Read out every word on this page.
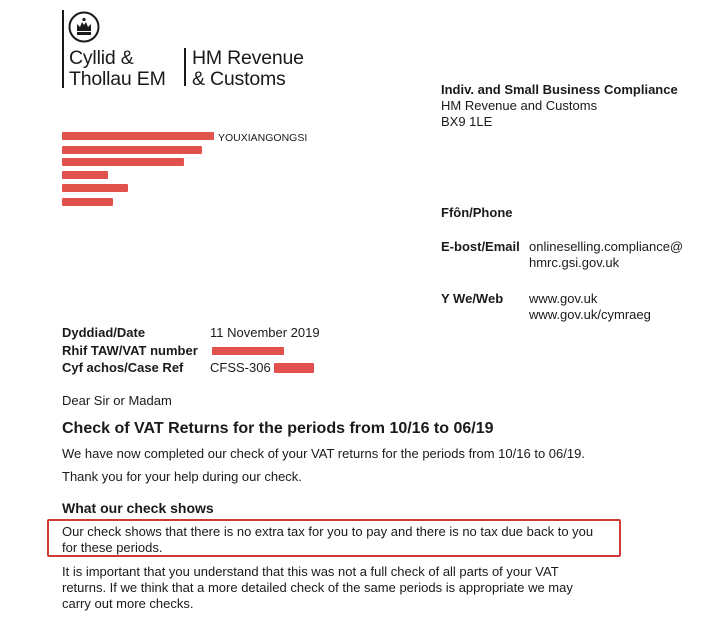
Cyllid &
Thollau EM
HM Revenue
& Customs	Indiv. and Small Business Compliance
HM Revenue and Customs
BX9 1LE
YOUXIANGONGSI
Ffôn/Phone
E-bost/Email onlineselling.compliance@
hmrc.gsi.gov.uk
Y We/Web www.gov.uk
www.gov.uk/cymraeg
Dyddiad/Date	11 November 2019
Rhif TAW/VAT number
Cyf achos/Case Ref CFSS-306
Dear Sir or Madam
Check of VAT Returns for the periods from 10/16 to 06/19
We have now completed our check of your VAT returns for the periods from 10/16 to 06/19.
Thank you for your help during our check.
What our check shows
Our check shows that there is no extra tax for you to pay and there is no tax due back to you
for these periods.
It is important that you understand that this was not a full check of all parts of your VAT
returns. If we think that a more detailed check of the same periods is appropriate we may
carry out more checks.
